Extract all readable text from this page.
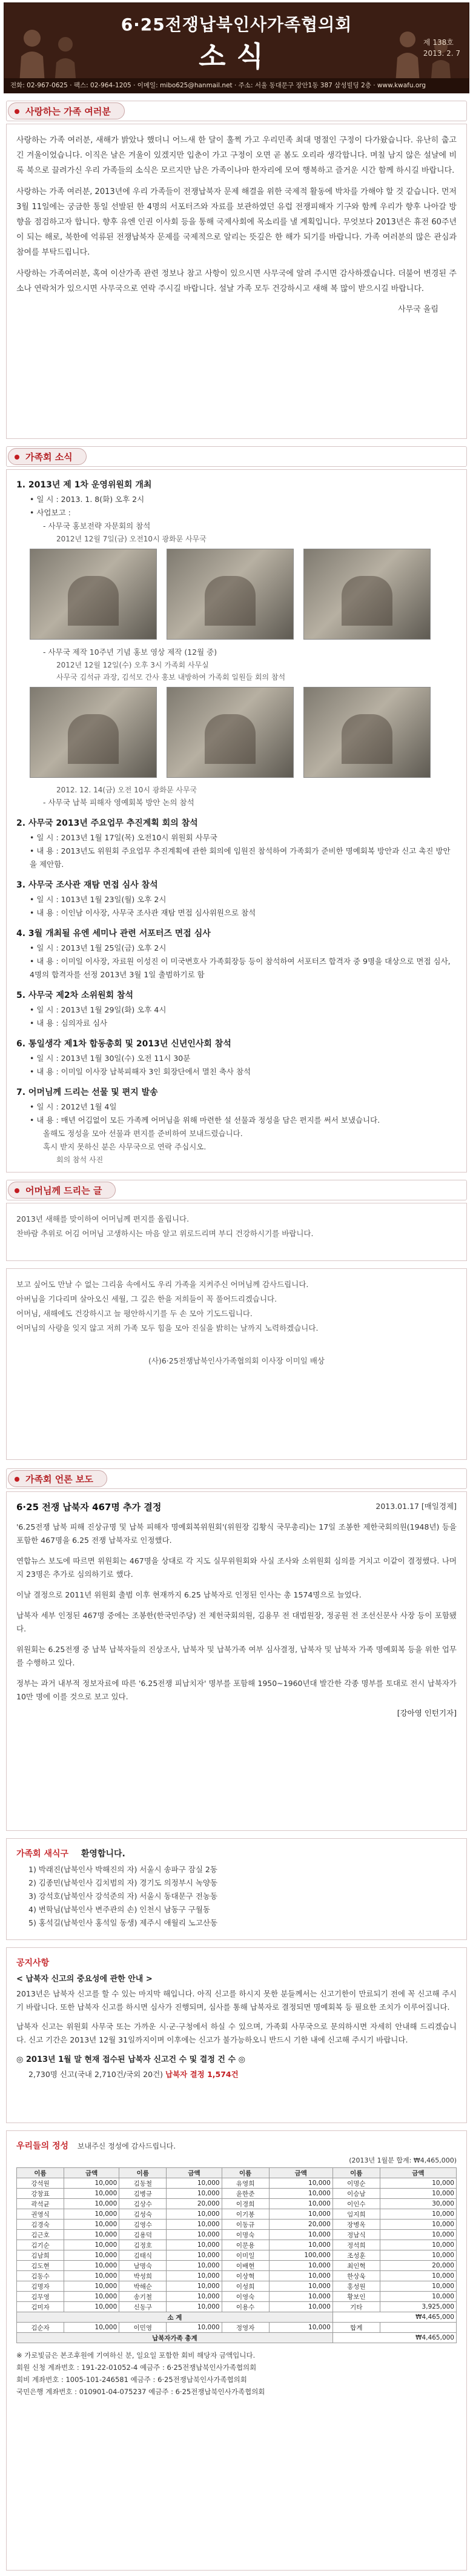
6·25전쟁납북인사가족협의회
소식	제 138호
2013. 2. 7
전화: 02-967-0625 · 팩스: 02-964-1205 · 이메일: mibo625@hanmail.net · 주소: 서울 동대문구 장안1동 387 삼성빌딩 2층 · www.kwafu.org
사랑하는 가족 여러분

사랑하는 가족 여러분, 새해가 밝았나 했더니 어느새 한 달이 훌쩍 가고 우리민족 최대 명절인 구정이 다가왔습니다. 유난히 춥고 긴 겨울이었습니다. 이직은 날은 겨울이 있겠지만 입춘이 가고 구정이 오면 곧 봄도 오리라 생각합니다. 며칠 남지 않은 설날에 비록 북으로 끌려가신 우리 가족들의 소식은 모르지만 남은 가족이나마 한자리에 모여 행복하고 즐거운 시간 함께 하시길 바랍니다.

사랑하는 가족 여러분, 2013년에 우리 가족들이 전쟁납북자 문제 해결을 위한 국제적 활동에 박차를 가해야 할 것 같습니다. 먼저 3월 11일에는 궁금한 통일 선발된 한 4명의 서포터즈와 자료를 보관하였던 유럽 전쟁피해자 기구와 함께 우리가 향후 나아갈 방향을 점검하고자 합니다. 향후 유엔 인권 이사회 등을 통해 국제사회에 목소리를 낼 계획입니다. 무엇보다 2013년은 휴전 60주년이 되는 해로, 북한에 억류된 전쟁납북자 문제를 국제적으로 알리는 뜻깊은 한 해가 되기를 바랍니다. 가족 여러분의 많은 관심과 참여를 부탁드립니다.

사랑하는 가족여러분, 혹여 이산가족 관련 정보나 참고 사항이 있으시면 사무국에 알려 주시면 감사하겠습니다. 더불어 변경된 주소나 연락처가 있으시면 사무국으로 연락 주시길 바랍니다. 설날 가족 모두 건강하시고 새해 복 많이 받으시길 바랍니다.

사무국 올림
가족회 소식
1. 2013년 제 1차 운영위원회 개최
• 일 시 : 2013. 1. 8(화) 오후 2시
• 사업보고 :
- 사무국 홍보전략 자문회의 참석
2012년 12월 7일(금) 오전10시 광화문 사무국
- 사무국 제작 10주년 기념 홍보 영상 제작 (12월 중)
2012년 12월 12일(수) 오후 3시 가족회 사무실
사무국 김석규 과장, 김석모 간사 홍보 내방하여 가족회 일원들 회의 참석
2012. 12. 14(금) 오전 10시 광화문 사무국
- 사무국 납북 피해자 영예회복 방안 논의 참석
2. 사무국 2013년 주요업무 추진계획 회의 참석
• 일 시 : 2013년 1월 17일(목) 오전10시 위원회 사무국
• 내 용 : 2013년도 위원회 주요업무 추진계획에 관한 회의에 임원진 참석하여 가족회가 준비한 명예회복 방안과 신고 촉진 방안을 제안함.
3. 사무국 조사관 재탐 면접 심사 참석
• 일 시 : 1013년 1월 23일(월) 오후 2시
• 내 용 : 이인남 이사장, 사무국 조사관 재탐 면접 심사위원으로 참석
4. 3월 개최될 유엔 세미나 관련 서포터즈 면접 심사
• 일 시 : 2013년 1월 25일(금) 오후 2시
• 내 용 : 이미일 이사장, 자료원 이성진 이 미국변호사 가족회장등 등이 참석하여 서포터즈 합격자 중 9명을 대상으로 면접 심사, 4명의 합격자를 선정 2013년 3월 1일 출범하기로 함
5. 사무국 제2차 소위원회 참석
• 일 시 : 2013년 1월 29일(화) 오후 4시
• 내 용 : 심의자료 심사
6. 통일생각 제1차 합동총회 및 2013년 신년인사회 참석
• 일 시 : 2013년 1월 30일(수) 오전 11시 30분
• 내 용 : 이미일 이사장 납북피해자 3인 회장단에서 멸친 축사 참석
7. 어머님께 드리는 선물 및 편지 발송
• 일 시 : 2012년 1월 4일
• 내 용 : 매년 어김없이 모든 가족께 어머님을 위해 마련한 설 선물과 정성을 담은 편지를 써서 보냈습니다.
올해도 정성을 모아 선물과 편지를 준비하여 보내드렸습니다.
혹시 받지 못하신 분은 사무국으로 연락 주십시오.
회의 참석 사진
어머님께 드리는 글
2013년 새해를 맞이하여 어머님께 편지를 올립니다.
찬바람 추위로 어김 어머님 고생하시는 마음 알고 위로드리며 부디 건강하시기를 바랍니다.
보고 싶어도 만날 수 없는 그리움 속에서도 우리 가족을 지켜주신 어머님께 감사드립니다.
아버님을 기다리며 살아오신 세월, 그 깊은 한을 저희들이 꼭 풀어드리겠습니다.
어머님, 새해에도 건강하시고 늘 평안하시기를 두 손 모아 기도드립니다.
어머님의 사랑을 잊지 않고 저희 가족 모두 힘을 모아 진실을 밝히는 날까지 노력하겠습니다.
(사)6·25전쟁납북인사가족협의회 이사장 이미일 배상
가족회 언론 보도
2013.01.17 [매일경제]
6·25 전쟁 납북자 467명 추가 결정

'6.25전쟁 납북 피해 진상규명 및 납북 피해자 명예회복위원회'(위원장 김황식 국무총리)는 17일 조봉한 제한국회의원(1948년) 등을 포함한 467명을 6.25 전쟁 납북자로 인정했다.

연합뉴스 보도에 따르면 위원회는 467명을 상대로 각 지도 실무위원회와 사실 조사와 소위원회 심의를 거치고 이같이 결정했다. 나머지 23명은 추가로 심의하기로 했다.

이날 결정으로 2011년 위원회 출범 이후 현재까지 6.25 납북자로 인정된 인사는 총 1574명으로 늘었다.

납북자 세부 인정된 467명 중에는 조봉한(한국민주당) 전 제헌국회의원, 김용무 전 대법원장, 정공원 전 조선신문사 사장 등이 포함됐다.

위원회는 6.25전쟁 중 납북 납북자들의 진상조사, 납북자 및 납북가족 여부 심사결정, 납북자 및 납북자 가족 명예회복 등을 위한 업무를 수행하고 있다.

정부는 과거 내부적 정보자료에 따른 '6.25전쟁 피납치자' 명부를 포함해 1950~1960년대 발간한 각종 명부를 토대로 전시 납북자가 10만 명에 이를 것으로 보고 있다.

[강아영 인턴기자]
가족회 새식구 환영합니다.
1) 박래진(납북인사 박해진의 자) 서울시 송파구 잠실 2동
2) 김종민(납북인사 김치범의 자) 경기도 의정부시 녹양동
3) 강석호(납북인사 강석준의 자) 서울시 동대문구 전농동
4) 변학님(납북인사 변주관의 손) 인천시 남동구 구월동
5) 홍석길(납북인사 홍석일 동생) 제주시 애월리 노고산동
공지사항
< 납북자 신고의 중요성에 관한 안내 >

2013년은 납북자 신고를 할 수 있는 마지막 해입니다. 아직 신고를 하시지 못한 분들께서는 신고기한이 만료되기 전에 꼭 신고해 주시기 바랍니다. 또한 납북자 신고를 하시면 심사가 진행되며, 심사를 통해 납북자로 결정되면 명예회복 등 필요한 조치가 이루어집니다.

납북자 신고는 위원회 사무국 또는 가까운 시·군·구청에서 하실 수 있으며, 가족회 사무국으로 문의하시면 자세히 안내해 드리겠습니다. 신고 기간은 2013년 12월 31일까지이며 이후에는 신고가 불가능하오니 반드시 기한 내에 신고해 주시기 바랍니다.

◎ 2013년 1월 말 현재 접수된 납북자 신고건 수 및 결정 건 수 ◎
2,730명 신고(국내 2,710건/국외 20건) 납북자 결정 1,574건
우리들의 정성 보내주신 정성에 감사드립니다.
(2013년 1월분 합계: ₩4,465,000)
이름	금액	이름	금액	이름	금액	이름	금액
강석원	10,000	김동철	10,000	유영희	10,000	이명순	10,000
강창표	10,000	김병규	10,000	윤한준	10,000	이승남	10,000
곽석균	10,000	김상수	20,000	이경희	10,000	이인수	30,000
권영식	10,000	김성숙	10,000	이기봉	10,000	임지희	10,000
김경숙	10,000	김영수	10,000	이동규	20,000	장병옥	10,000
김근호	10,000	김용덕	10,000	이명숙	10,000	정남식	10,000
김기순	10,000	김정호	10,000	이문용	10,000	정석희	10,000
김남희	10,000	김태식	10,000	이미일	100,000	조성훈	10,000
김도현	10,000	남명숙	10,000	이배현	10,000	최인혁	20,000
김동수	10,000	박성희	10,000	이상혁	10,000	한상욱	10,000
김명자	10,000	박해순	10,000	이성희	10,000	홍성원	10,000
김무영	10,000	송기철	10,000	이영숙	10,000	황보인	10,000
김미자	10,000	신동구	10,000	이용수	10,000	기타	3,925,000
소 계						₩4,465,000	
김순자	10,000	이민영	10,000	정영자	10,000	합계	
납북자가족 총계						₩4,465,000	
※ 가로빛금은 본조후원에 기여하신 분, 일요일 포함한 회비 해당자 금액입니다.
회원 신청 계좌번호 : 191-22-01052-4 예금주 : 6·25전쟁납북인사가족협의회
회비 계좌번호 : 1005-101-246581 예금주 : 6·25전쟁납북인사가족협의회
국민은행 계좌번호 : 010901-04-075237 예금주 : 6·25전쟁납북인사가족협의회
